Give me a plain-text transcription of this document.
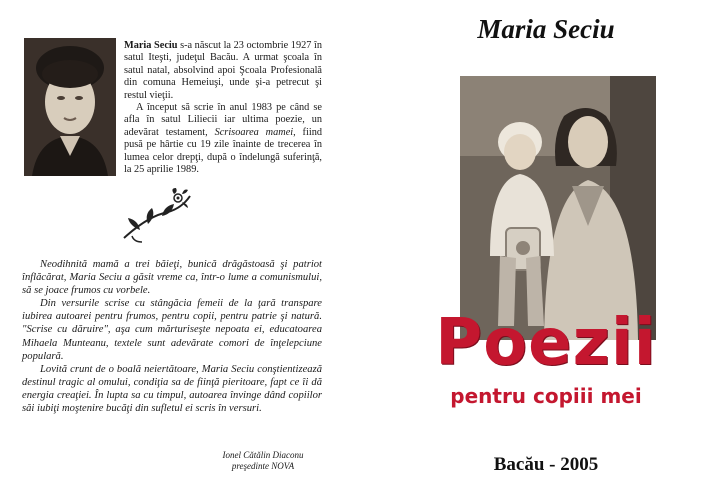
Maria Seciu s-a născut la 23 octombrie 1927 în satul Iteşti, judeţul Bacău. A urmat şcoala în satul natal, absolvind apoi Şcoala Profesională din comuna Hemeiuşi, unde şi-a petrecut şi restul vieţii.

A început să scrie în anul 1983 pe când se afla în satul Liliecii iar ultima poezie, un adevărat testament, Scrisoarea mamei, fiind pusă pe hârtie cu 19 zile înainte de trecerea în lumea celor drepţi, după o îndelungă suferinţă, la 25 aprilie 1989.

Neodihnită mamă a trei băieţi, bunică drăgăstoasă şi patriot înflăcărat, Maria Seciu a găsit vreme ca, într-o lume a comunismului, să se joace frumos cu vorbele.

Din versurile scrise cu stângăcia femeii de la ţară transpare iubirea autoarei pentru frumos, pentru copii, pentru patrie şi natură. "Scrise cu dăruire", aşa cum mărturiseşte nepoata ei, educatoarea Mihaela Munteanu, textele sunt adevărate comori de înţelepciune populară.

Lovită crunt de o boală neiertătoare, Maria Seciu conştientizează destinul tragic al omului, condiţia sa de fiinţă pieritoare, fapt ce îi dă energia creaţiei. În lupta sa cu timpul, autoarea învinge dând copiilor săi iubiţi moştenire bucăţi din sufletul ei scris în versuri.

Ionel Cătălin Diaconu
preşedinte NOVA
Maria Seciu
Poezii
pentru copiii mei
Bacău - 2005
